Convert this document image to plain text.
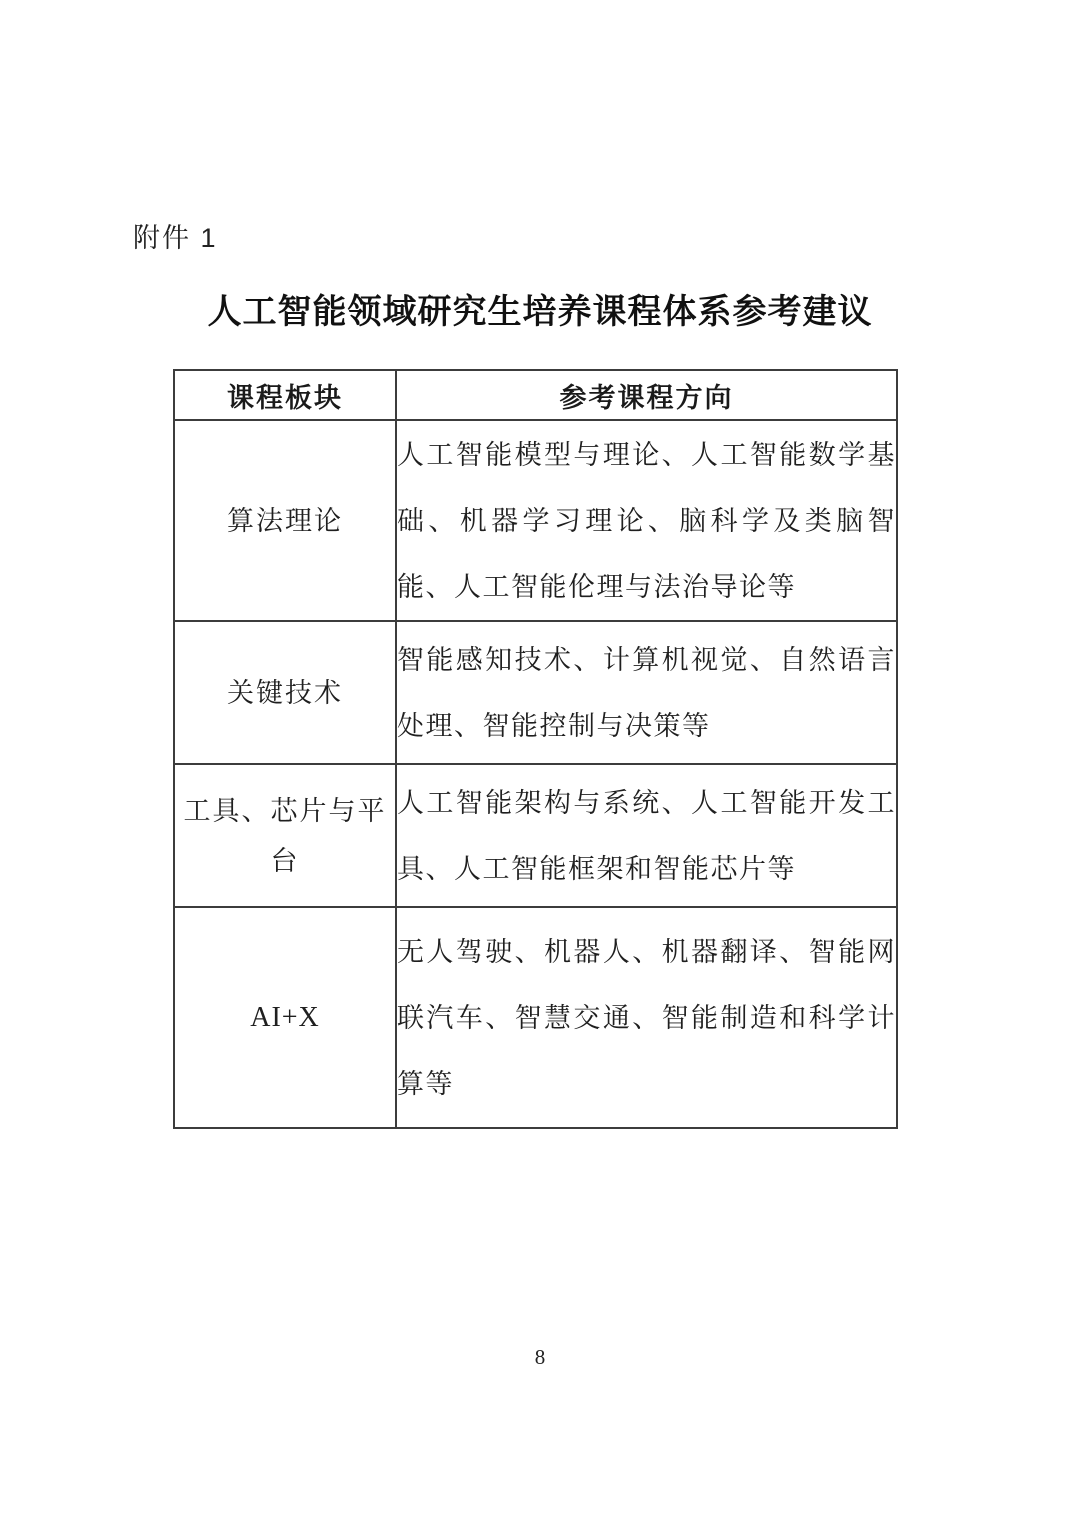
附件 1
人工智能领域研究生培养课程体系参考建议
课程板块	参考课程方向
算法理论	人工智能模型与理论、人工智能数学基础、机器学习理论、脑科学及类脑智能、人工智能伦理与法治导论等
关键技术	智能感知技术、计算机视觉、自然语言处理、智能控制与决策等
工具、芯片与平台	人工智能架构与系统、人工智能开发工具、人工智能框架和智能芯片等
AI+X	无人驾驶、机器人、机器翻译、智能网联汽车、智慧交通、智能制造和科学计算等
8
